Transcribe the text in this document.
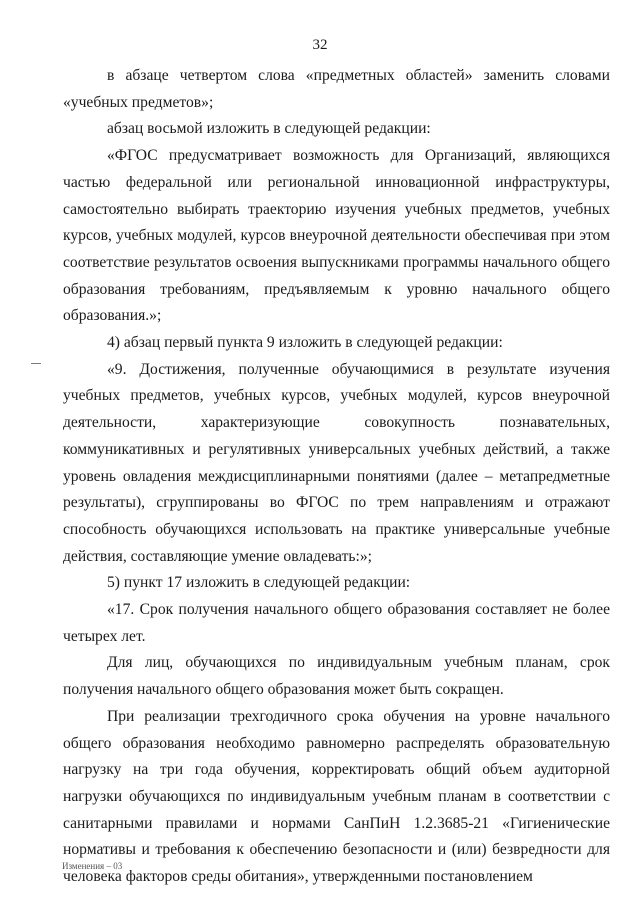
32

в абзаце четвертом слова «предметных областей» заменить словами «учебных предметов»;

абзац восьмой изложить в следующей редакции:

«ФГОС предусматривает возможность для Организаций, являющихся частью федеральной или региональной инновационной инфраструктуры, самостоятельно выбирать траекторию изучения учебных предметов, учебных курсов, учебных модулей, курсов внеурочной деятельности обеспечивая при этом соответствие результатов освоения выпускниками программы начального общего образования требованиям, предъявляемым к уровню начального общего образования.»;

4) абзац первый пункта 9 изложить в следующей редакции:

«9. Достижения, полученные обучающимися в результате изучения учебных предметов, учебных курсов, учебных модулей, курсов внеурочной деятельности, характеризующие совокупность познавательных, коммуникативных и регулятивных универсальных учебных действий, а также уровень овладения междисциплинарными понятиями (далее – метапредметные результаты), сгруппированы во ФГОС по трем направлениям и отражают способность обучающихся использовать на практике универсальные учебные действия, составляющие умение овладевать:»;

5) пункт 17 изложить в следующей редакции:

«17. Срок получения начального общего образования составляет не более четырех лет.

Для лиц, обучающихся по индивидуальным учебным планам, срок получения начального общего образования может быть сокращен.

При реализации трехгодичного срока обучения на уровне начального общего образования необходимо равномерно распределять образовательную нагрузку на три года обучения, корректировать общий объем аудиторной нагрузки обучающихся по индивидуальным учебным планам в соответствии с санитарными правилами и нормами СанПиН 1.2.3685-21 «Гигиенические нормативы и требования к обеспечению безопасности и (или) безвредности для человека факторов среды обитания», утвержденными постановлением

Изменения – 03
